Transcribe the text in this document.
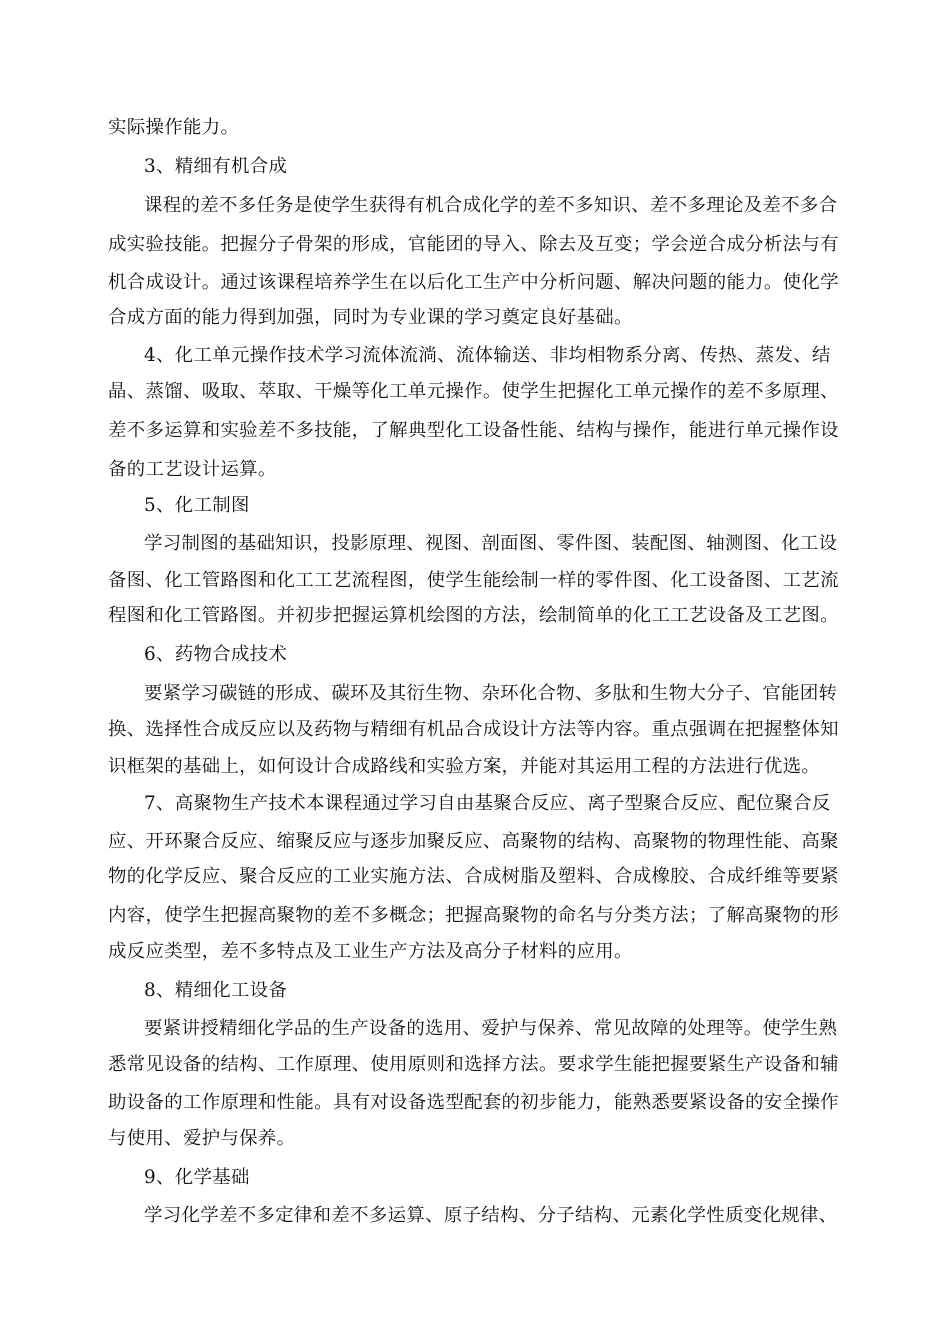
实际操作能力。
3、精细有机合成
课程的差不多任务是使学生获得有机合成化学的差不多知识、差不多理论及差不多合
成实验技能。把握分子骨架的形成，官能团的导入、除去及互变；学会逆合成分析法与有
机合成设计。通过该课程培养学生在以后化工生产中分析问题、解决问题的能力。使化学
合成方面的能力得到加强，同时为专业课的学习奠定良好基础。
4、化工单元操作技术学习流体流淌、流体输送、非均相物系分离、传热、蒸发、结
晶、蒸馏、吸取、萃取、干燥等化工单元操作。使学生把握化工单元操作的差不多原理、
差不多运算和实验差不多技能，了解典型化工设备性能、结构与操作，能进行单元操作设
备的工艺设计运算。
5、化工制图
学习制图的基础知识，投影原理、视图、剖面图、零件图、装配图、轴测图、化工设
备图、化工管路图和化工工艺流程图，使学生能绘制一样的零件图、化工设备图、工艺流
程图和化工管路图。并初步把握运算机绘图的方法，绘制简单的化工工艺设备及工艺图。
6、药物合成技术
要紧学习碳链的形成、碳环及其衍生物、杂环化合物、多肽和生物大分子、官能团转
换、选择性合成反应以及药物与精细有机品合成设计方法等内容。重点强调在把握整体知
识框架的基础上，如何设计合成路线和实验方案，并能对其运用工程的方法进行优选。
7、高聚物生产技术本课程通过学习自由基聚合反应、离子型聚合反应、配位聚合反
应、开环聚合反应、缩聚反应与逐步加聚反应、高聚物的结构、高聚物的物理性能、高聚
物的化学反应、聚合反应的工业实施方法、合成树脂及塑料、合成橡胶、合成纤维等要紧
内容，使学生把握高聚物的差不多概念；把握高聚物的命名与分类方法；了解高聚物的形
成反应类型，差不多特点及工业生产方法及高分子材料的应用。
8、精细化工设备
要紧讲授精细化学品的生产设备的选用、爱护与保养、常见故障的处理等。使学生熟
悉常见设备的结构、工作原理、使用原则和选择方法。要求学生能把握要紧生产设备和辅
助设备的工作原理和性能。具有对设备选型配套的初步能力，能熟悉要紧设备的安全操作
与使用、爱护与保养。
9、化学基础
学习化学差不多定律和差不多运算、原子结构、分子结构、元素化学性质变化规律、
